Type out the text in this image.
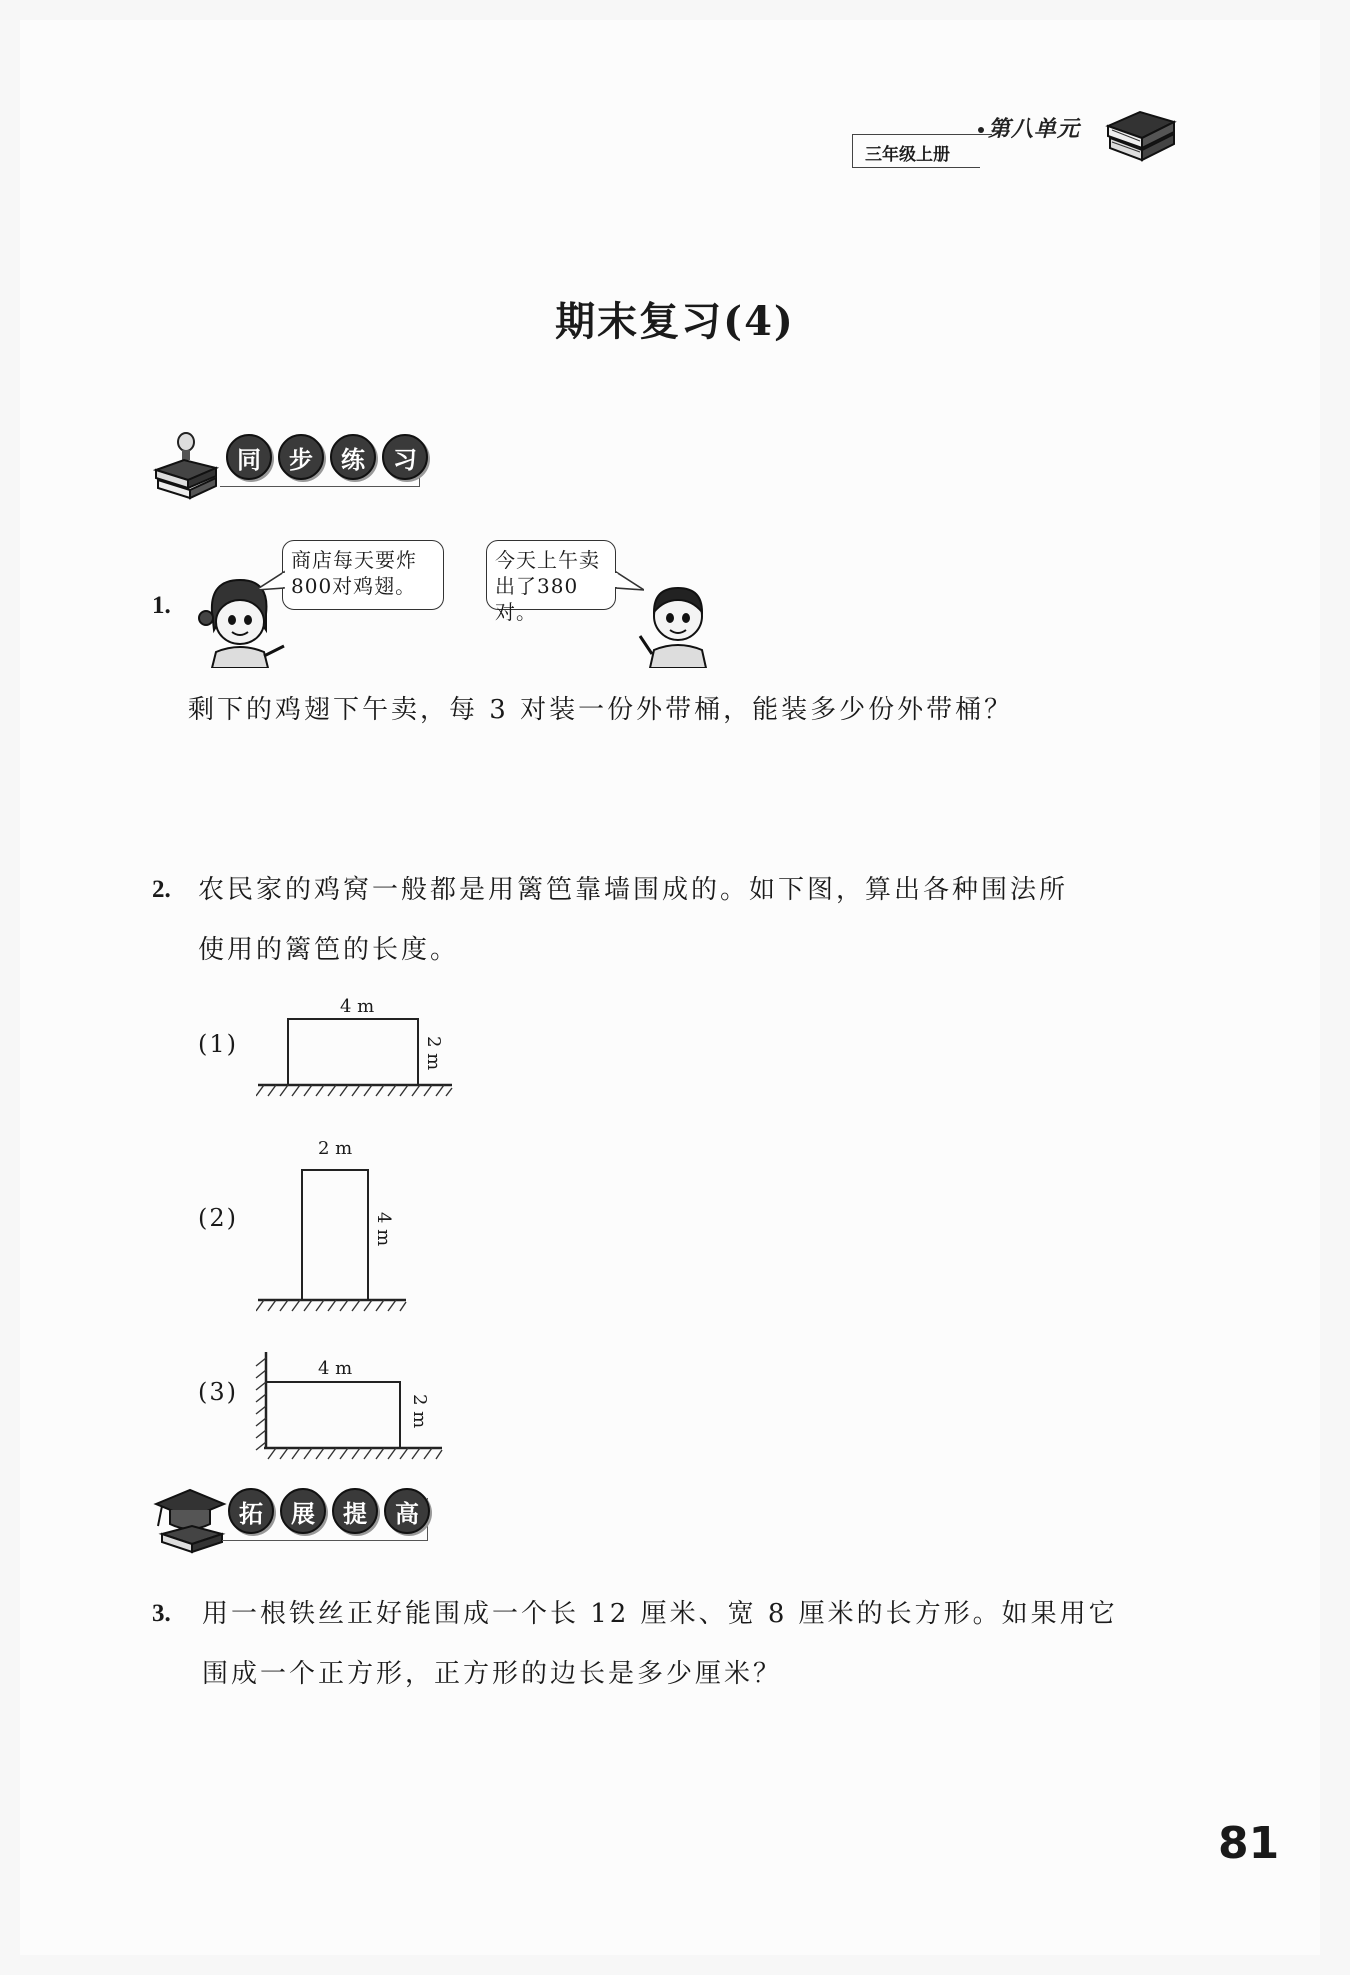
三年级上册
第八单元
期末复习(4)
同	步	练	习
1.
商店每天要炸
800对鸡翅。
今天上午卖
出了380对。
剩下的鸡翅下午卖，每 3 对装一份外带桶，能装多少份外带桶？
2. 农民家的鸡窝一般都是用篱笆靠墙围成的。如下图，算出各种围法所
使用的篱笆的长度。
(1)
4 m
2 m
(2)
2 m
4 m
(3)
4 m
2 m
拓	展	提	高
3. 用一根铁丝正好能围成一个长 12 厘米、宽 8 厘米的长方形。如果用它
围成一个正方形，正方形的边长是多少厘米？
81
